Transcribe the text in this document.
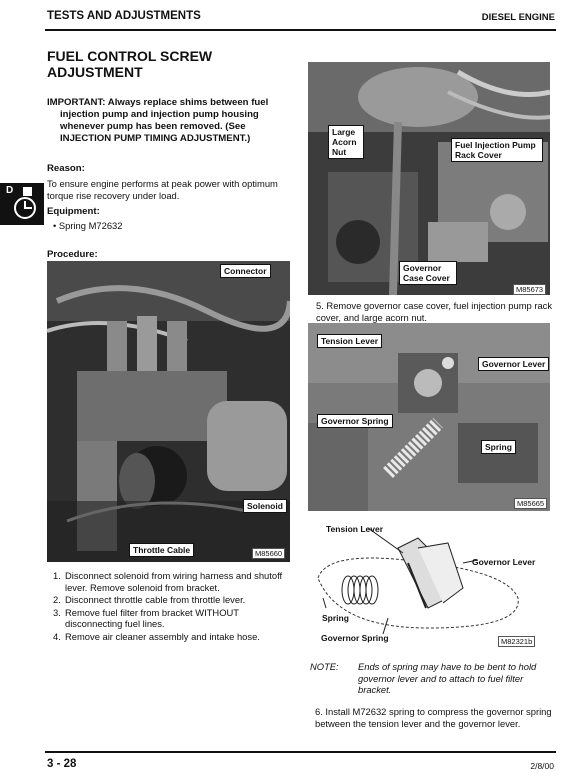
TESTS AND ADJUSTMENTS	DIESEL ENGINE
FUEL CONTROL SCREW ADJUSTMENT
IMPORTANT: Always replace shims between fuel
injection pump and injection pump housing whenever pump has been removed. (See INJECTION PUMP TIMING ADJUSTMENT.)
Reason:
To ensure engine performs at peak power with optimum torque rise recovery under load.
Equipment:
• Spring M72632
D
Procedure:
Connector
Solenoid
Throttle Cable	M85660
1. Disconnect solenoid from wiring harness and shutoff lever. Remove solenoid from bracket.
2. Disconnect throttle cable from throttle lever.
3. Remove fuel filter from bracket WITHOUT disconnecting fuel lines.
4. Remove air cleaner assembly and intake hose.
Large Acorn Nut
Fuel Injection Pump Rack Cover
Governor Case Cover
M85673
5. Remove governor case cover, fuel injection pump rack cover, and large acorn nut.
Tension Lever
Governor Lever
Governor Spring
Spring
M85665
Tension Lever
Governor Lever
Spring
Governor Spring	M82321b
NOTE:	Ends of spring may have to be bent to hold governor lever and to attach to fuel filter bracket.
6. Install M72632 spring to compress the governor spring between the tension lever and the governor lever.
3 - 28	2/8/00
